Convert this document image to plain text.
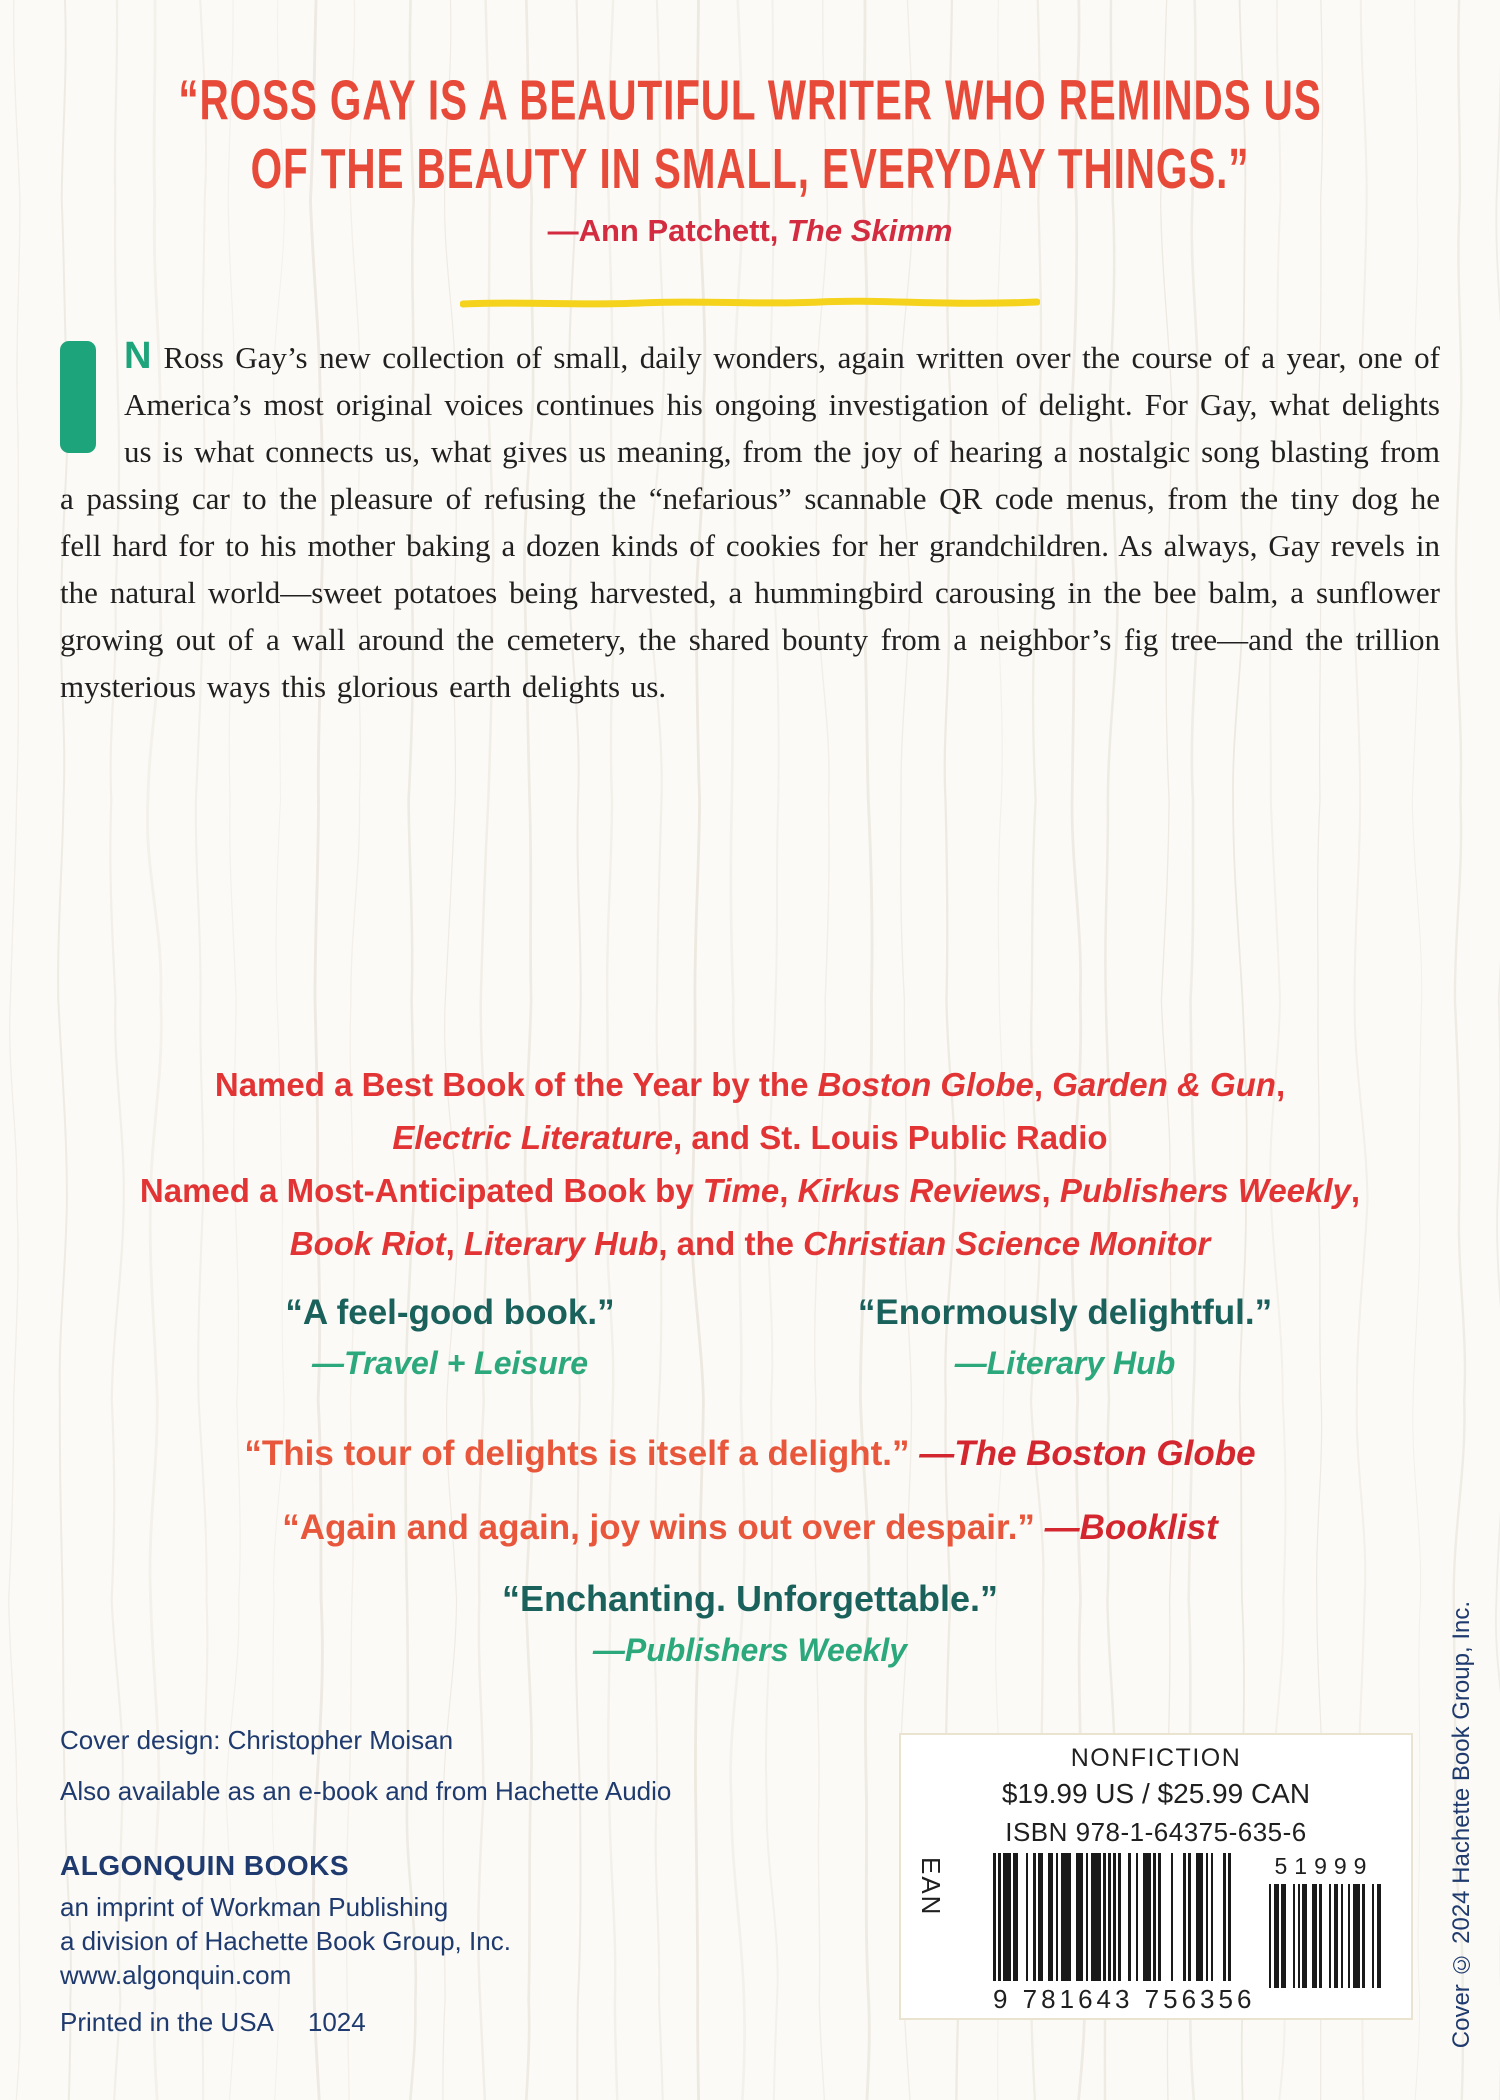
“ROSS GAY IS A BEAUTIFUL WRITER WHO REMINDS US
OF THE BEAUTY IN SMALL, EVERYDAY THINGS.”
—Ann Patchett, The Skimm
N Ross Gay’s new collection of small, daily wonders, again written over the course of a year, one of America’s most original voices continues his ongoing investigation of delight. For Gay, what delights us is what connects us, what gives us meaning, from the joy of hearing a nostalgic song blasting from a passing car to the pleasure of refusing the “nefarious” scannable QR code menus, from the tiny dog he fell hard for to his mother baking a dozen kinds of cookies for her grandchildren. As always, Gay revels in the natural world—sweet potatoes being harvested, a hummingbird carousing in the bee balm, a sunflower growing out of a wall around the cemetery, the shared bounty from a neighbor’s fig tree—and the trillion mysterious ways this glorious earth delights us.
Named a Best Book of the Year by the Boston Globe, Garden & Gun,
Electric Literature, and St. Louis Public Radio
Named a Most-Anticipated Book by Time, Kirkus Reviews, Publishers Weekly,
Book Riot, Literary Hub, and the Christian Science Monitor
“A feel-good book.”
—Travel + Leisure
“Enormously delightful.”
—Literary Hub
“This tour of delights is itself a delight.” —The Boston Globe
“Again and again, joy wins out over despair.” —Booklist
“Enchanting. Unforgettable.”
—Publishers Weekly
Cover design: Christopher Moisan
Also available as an e-book and from Hachette Audio
ALGONQUIN BOOKS
an imprint of Workman Publishing
a division of Hachette Book Group, Inc.
www.algonquin.com
Printed in the USA 1024
NONFICTION
$19.99 US / $25.99 CAN
ISBN 978-1-64375-635-6
EAN
9 781643 756356
51999	Cover © 2024 Hachette Book Group, Inc.
